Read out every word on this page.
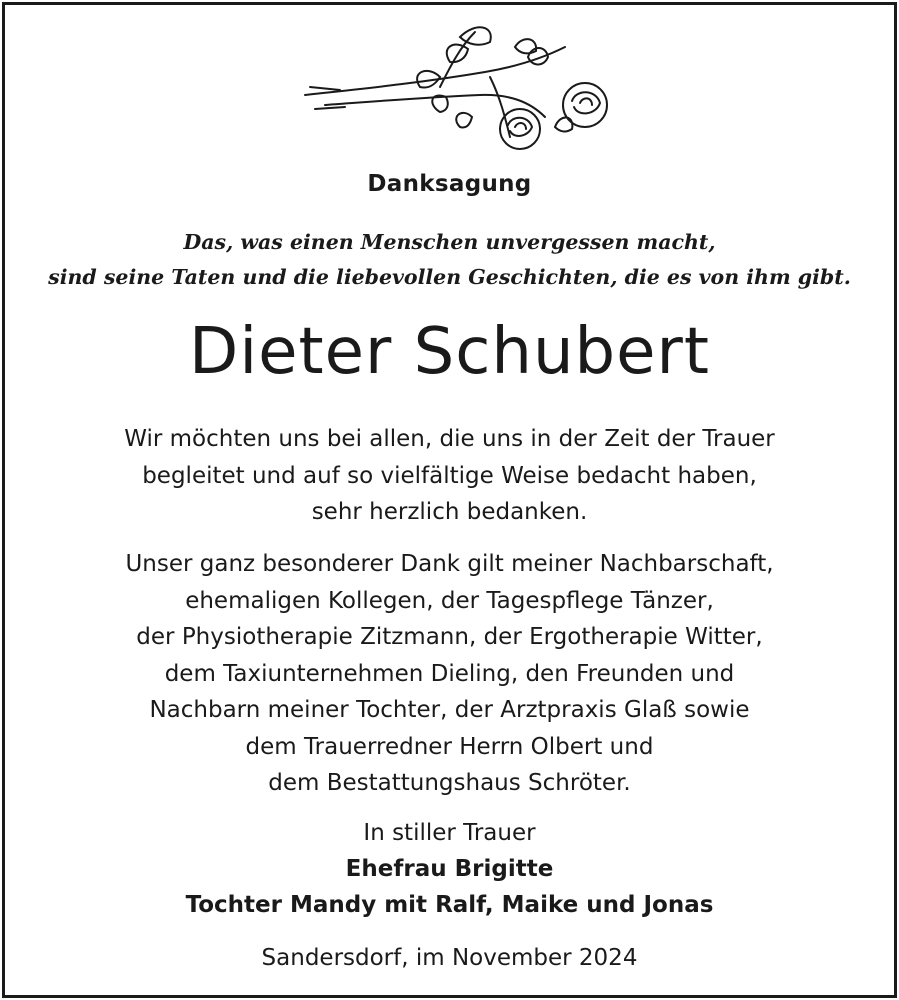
Danksagung
Das, was einen Menschen unvergessen macht,
sind seine Taten und die liebevollen Geschichten, die es von ihm gibt.
Dieter Schubert
Wir möchten uns bei allen, die uns in der Zeit der Trauer
begleitet und auf so vielfältige Weise bedacht haben,
sehr herzlich bedanken.
Unser ganz besonderer Dank gilt meiner Nachbarschaft,
ehemaligen Kollegen, der Tagespflege Tänzer,
der Physiotherapie Zitzmann, der Ergotherapie Witter,
dem Taxiunternehmen Dieling, den Freunden und
Nachbarn meiner Tochter, der Arztpraxis Glaß sowie
dem Trauerredner Herrn Olbert und
dem Bestattungshaus Schröter.
In stiller Trauer
Ehefrau Brigitte
Tochter Mandy mit Ralf, Maike und Jonas
Sandersdorf, im November 2024
